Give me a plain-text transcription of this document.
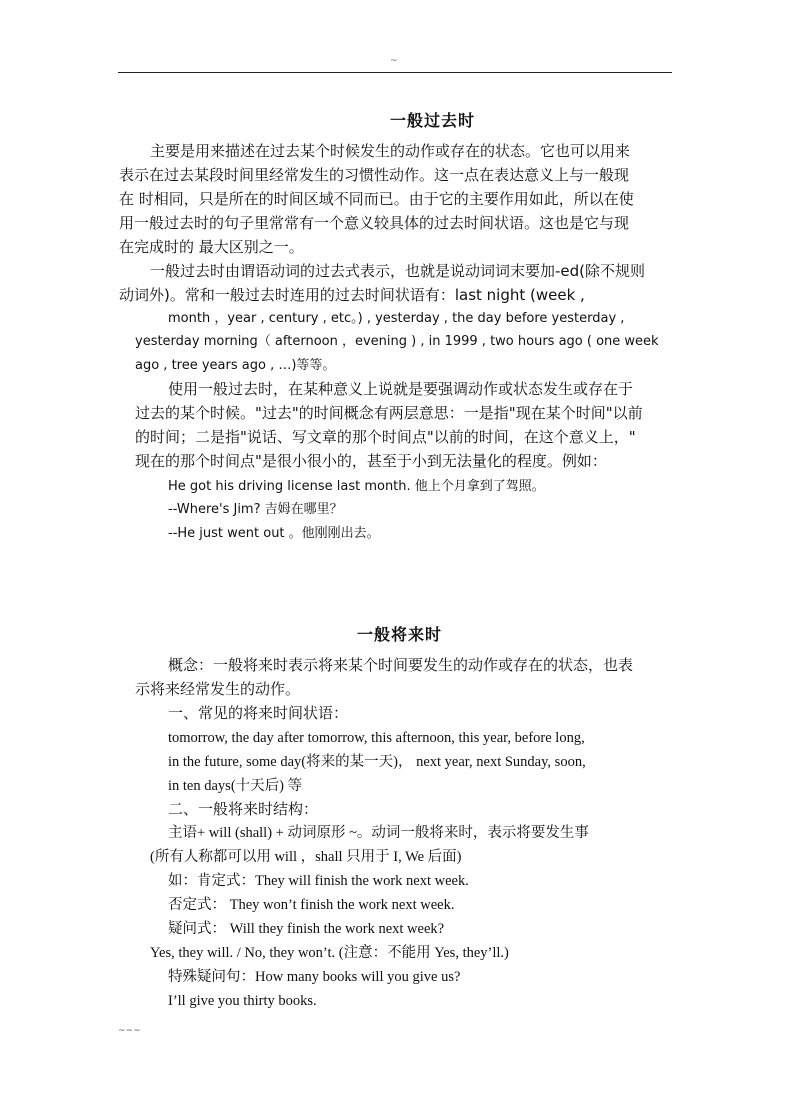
~
一般过去时
主要是用来描述在过去某个时候发生的动作或存在的状态。它也可以用来
表示在过去某段时间里经常发生的习惯性动作。这一点在表达意义上与一般现
在 时相同，只是所在的时间区域不同而已。由于它的主要作用如此，所以在使
用一般过去时的句子里常常有一个意义较具体的过去时间状语。这也是它与现
在完成时的 最大区别之一。
一般过去时由谓语动词的过去式表示，也就是说动词词末要加-ed(除不规则
动词外)。常和一般过去时连用的过去时间状语有：last night (week ,
month ，year , century , etc。) , yesterday , the day before yesterday ,
yesterday morning（ afternoon ，evening ) , in 1999 , two hours ago ( one week
ago , tree years ago , …)等等。
使用一般过去时，在某种意义上说就是要强调动作或状态发生或存在于
过去的某个时候。"过去"的时间概念有两层意思：一是指"现在某个时间"以前
的时间；二是指"说话、写文章的那个时间点"以前的时间，在这个意义上，"
现在的那个时间点"是很小很小的，甚至于小到无法量化的程度。例如：
He got his driving license last month. 他上个月拿到了驾照。
--Where's Jim? 吉姆在哪里？
--He just went out 。他刚刚出去。
一般将来时
概念：一般将来时表示将来某个时间要发生的动作或存在的状态，也表
示将来经常发生的动作。
一、常见的将来时间状语：
tomorrow, the day after tomorrow, this afternoon, this year, before long,
in the future, some day(将来的某一天)， next year, next Sunday, soon,
in ten days(十天后) 等
二、一般将来时结构：
主语+ will (shall) + 动词原形 ~。动词一般将来时，表示将要发生事
(所有人称都可以用 will ，shall 只用于 I, We 后面)
如：肯定式：They will finish the work next week.
否定式： They won’t finish the work next week.
疑问式： Will they finish the work next week?
Yes, they will. / No, they won’t. (注意：不能用 Yes, they’ll.)
特殊疑问句：How many books will you give us?
I’ll give you thirty books.
~~~
